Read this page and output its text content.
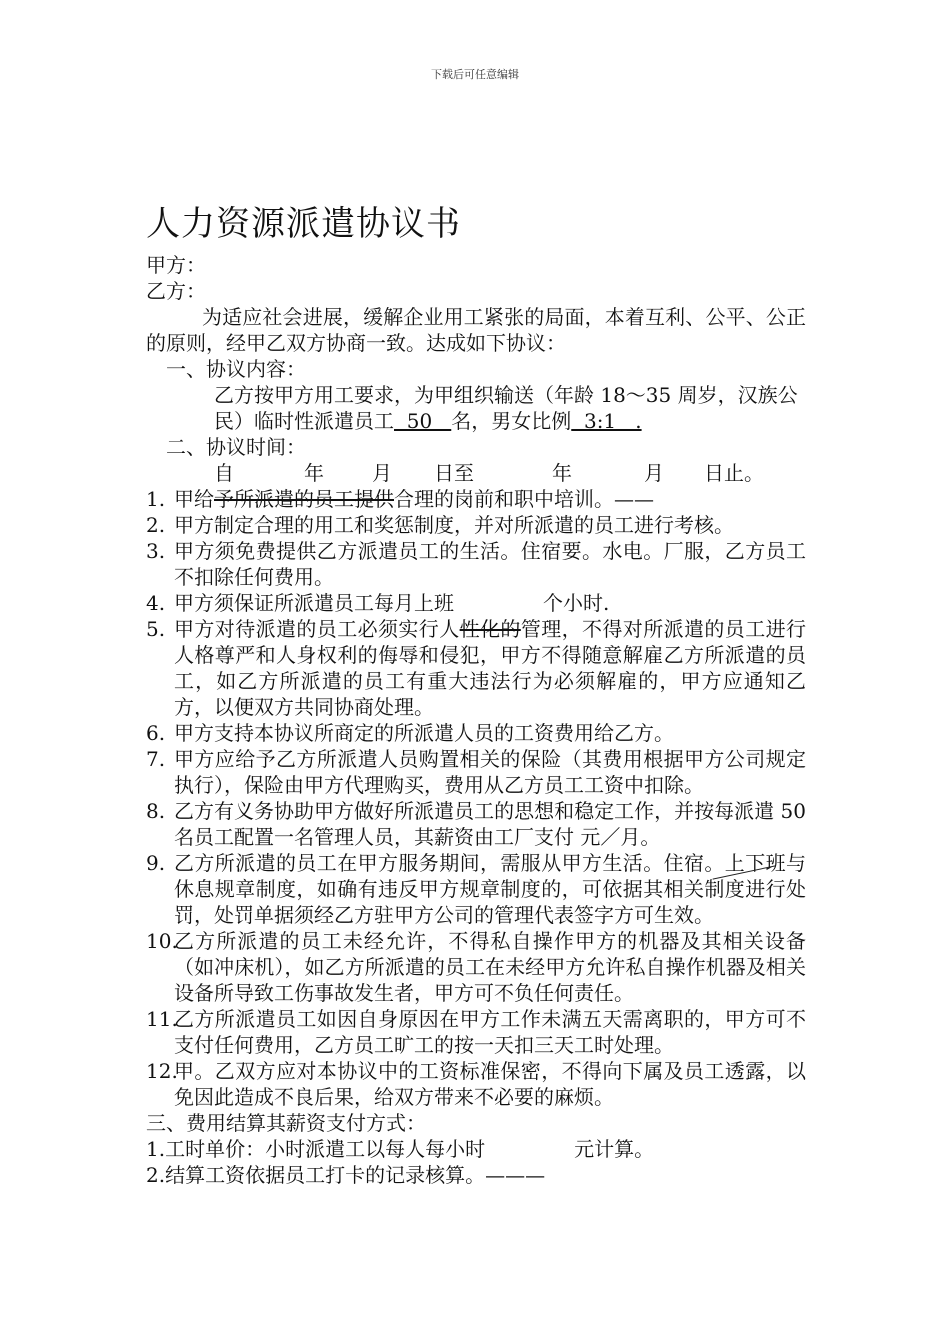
下载后可任意编辑
人力资源派遣协议书
甲方：
乙方：
为适应社会进展，缓解企业用工紧张的局面，本着互利、公平、公正的原则，经甲乙双方协商一致。达成如下协议：
一、协议内容：
乙方按甲方用工要求，为甲组织输送（年龄 18～35 周岁，汉族公民）临时性派遣员工  50   名，男女比例  3:1   .
二、协议时间：
自	年	月	日至	年	月	日止。
1. 甲给予所派遣的员工提供合理的岗前和职中培训。——
2. 甲方制定合理的用工和奖惩制度，并对所派遣的员工进行考核。
3. 甲方须免费提供乙方派遣员工的生活。住宿要。水电。厂服，乙方员工不扣除任何费用。
4. 甲方须保证所派遣员工每月上班              个小时.
5. 甲方对待派遣的员工必须实行人性化的管理，不得对所派遣的员工进行人格尊严和人身权利的侮辱和侵犯，甲方不得随意解雇乙方所派遣的员工，如乙方所派遣的员工有重大违法行为必须解雇的，甲方应通知乙方，以便双方共同协商处理。
6. 甲方支持本协议所商定的所派遣人员的工资费用给乙方。
7. 甲方应给予乙方所派遣人员购置相关的保险（其费用根据甲方公司规定执行），保险由甲方代理购买，费用从乙方员工工资中扣除。
8. 乙方有义务协助甲方做好所派遣员工的思想和稳定工作，并按每派遣 50 名员工配置一名管理人员，其薪资由工厂支付 元／月。
9. 乙方所派遣的员工在甲方服务期间，需服从甲方生活。住宿。上下班与休息规章制度，如确有违反甲方规章制度的，可依据其相关制度进行处罚，处罚单据须经乙方驻甲方公司的管理代表签字方可生效。
10.
乙方所派遣的员工未经允许，不得私自操作甲方的机器及其相关设备（如冲床机），如乙方所派遣的员工在未经甲方允许私自操作机器及相关设备所导致工伤事故发生者，甲方可不负任何责任。
11.
乙方所派遣员工如因自身原因在甲方工作未满五天需离职的，甲方可不支付任何费用，乙方员工旷工的按一天扣三天工时处理。
12.
甲。乙双方应对本协议中的工资标准保密，不得向下属及员工透露，以免因此造成不良后果，给双方带来不必要的麻烦。
三、费用结算其薪资支付方式：
1.工时单价：小时派遣工以每人每小时              元计算。
2.结算工资依据员工打卡的记录核算。———
